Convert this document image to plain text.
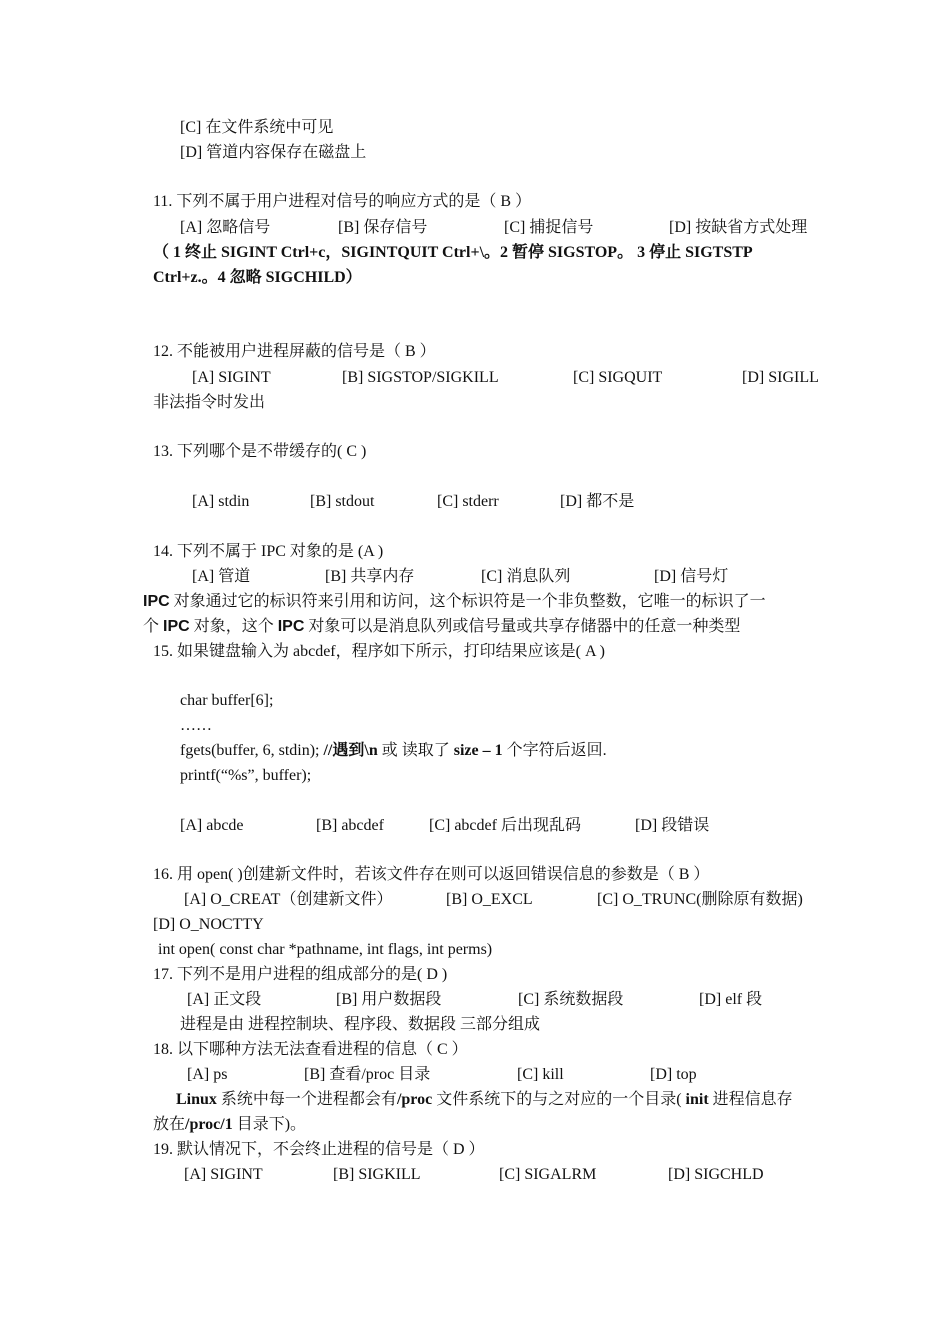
[C] 在文件系统中可见
[D] 管道内容保存在磁盘上
11. 下列不属于用户进程对信号的响应方式的是（ B ）
[A] 忽略信号	[B] 保存信号	[C] 捕捉信号	[D] 按缺省方式处理
（ 1 终止 SIGINT Ctrl+c，SIGINTQUIT Ctrl+\。2 暂停 SIGSTOP。 3 停止 SIGTSTP
Ctrl+z.。4 忽略 SIGCHILD）
12. 不能被用户进程屏蔽的信号是（ B ）
[A] SIGINT	[B] SIGSTOP/SIGKILL	[C] SIGQUIT	[D] SIGILL
非法指令时发出
13. 下列哪个是不带缓存的( C )
[A] stdin	[B] stdout	[C] stderr	[D] 都不是
14. 下列不属于 IPC 对象的是 (A )
[A] 管道	[B] 共享内存	[C] 消息队列	[D] 信号灯
IPC 对象通过它的标识符来引用和访问，这个标识符是一个非负整数，它唯一的标识了一
个 IPC 对象，这个 IPC 对象可以是消息队列或信号量或共享存储器中的任意一种类型
15. 如果键盘输入为 abcdef，程序如下所示，打印结果应该是( A )
char buffer[6];
……
fgets(buffer, 6, stdin); //遇到\n 或 读取了 size – 1 个字符后返回.
printf(“%s”, buffer);
[A] abcde	[B] abcdef	[C] abcdef 后出现乱码	[D] 段错误
16. 用 open( )创建新文件时，若该文件存在则可以返回错误信息的参数是（ B ）
[A] O_CREAT（创建新文件）	[B] O_EXCL	[C] O_TRUNC(删除原有数据)
[D] O_NOCTTY
int open( const char *pathname, int flags, int perms)
17. 下列不是用户进程的组成部分的是( D )
[A] 正文段	[B] 用户数据段	[C] 系统数据段	[D] elf 段
进程是由 进程控制块、程序段、数据段 三部分组成
18. 以下哪种方法无法查看进程的信息（ C ）
[A] ps	[B] 查看/proc 目录	[C] kill	[D] top
Linux 系统中每一个进程都会有/proc 文件系统下的与之对应的一个目录( init 进程信息存
放在/proc/1 目录下)。
19. 默认情况下，不会终止进程的信号是（ D ）
[A] SIGINT	[B] SIGKILL	[C] SIGALRM	[D] SIGCHLD
